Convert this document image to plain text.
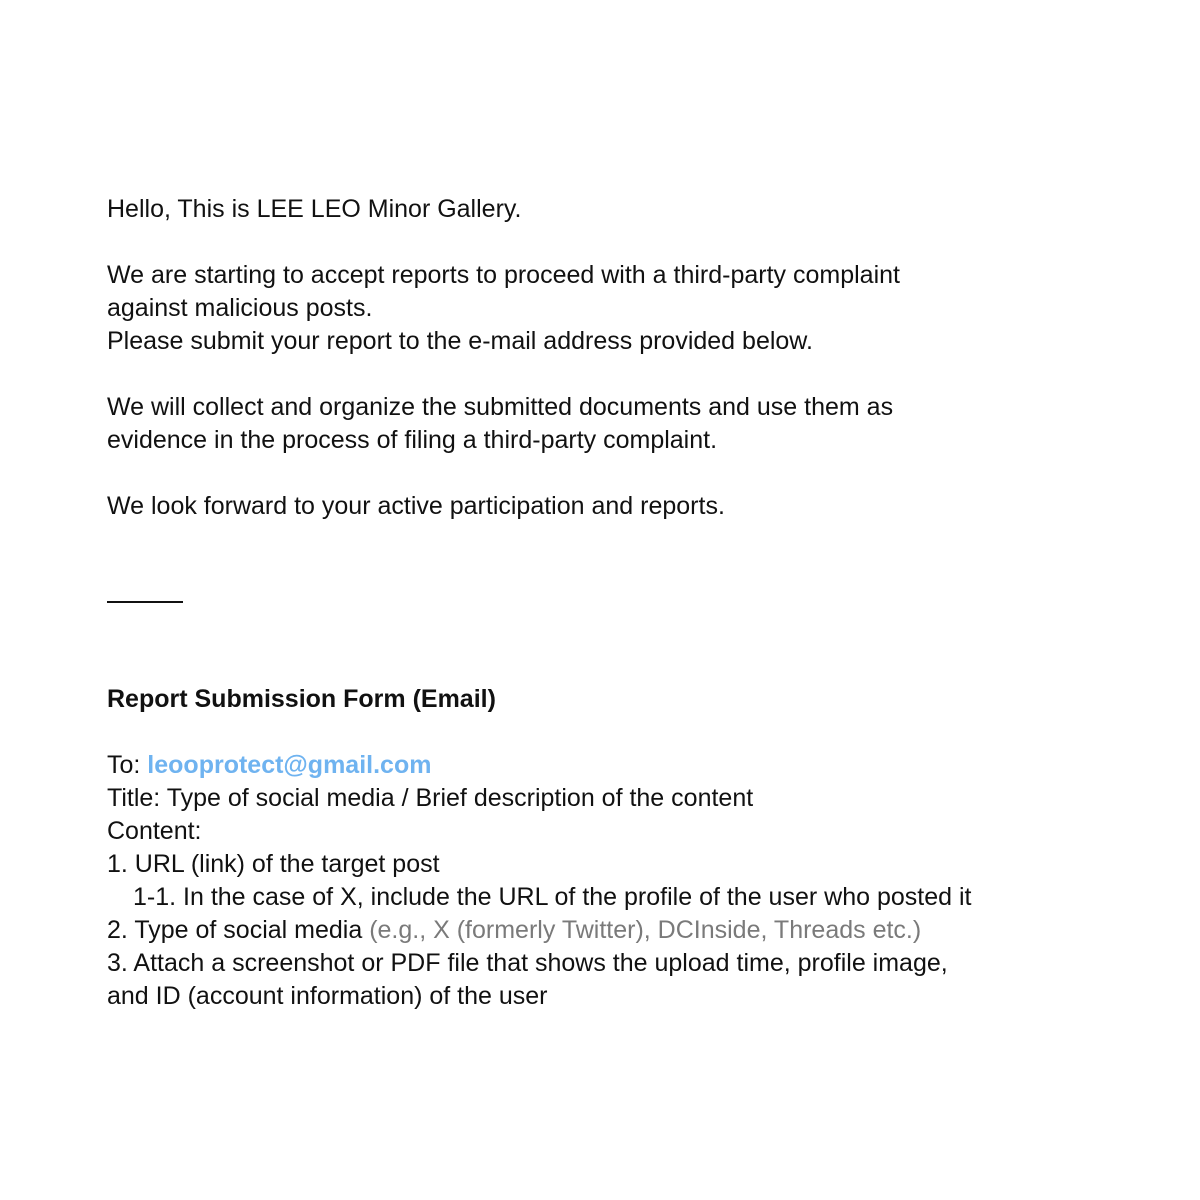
Hello, This is LEE LEO Minor Gallery.

We are starting to accept reports to proceed with a third-party complaint
against malicious posts.
Please submit your report to the e-mail address provided below.

We will collect and organize the submitted documents and use them as
evidence in the process of filing a third-party complaint.

We look forward to your active participation and reports.

Report Submission Form (Email)
To: leooprotect@gmail.com
Title: Type of social media / Brief description of the content
Content:
1. URL (link) of the target post
1-1. In the case of X, include the URL of the profile of the user who posted it
2. Type of social media (e.g., X (formerly Twitter), DCInside, Threads etc.)
3. Attach a screenshot or PDF file that shows the upload time, profile image,
and ID (account information) of the user
